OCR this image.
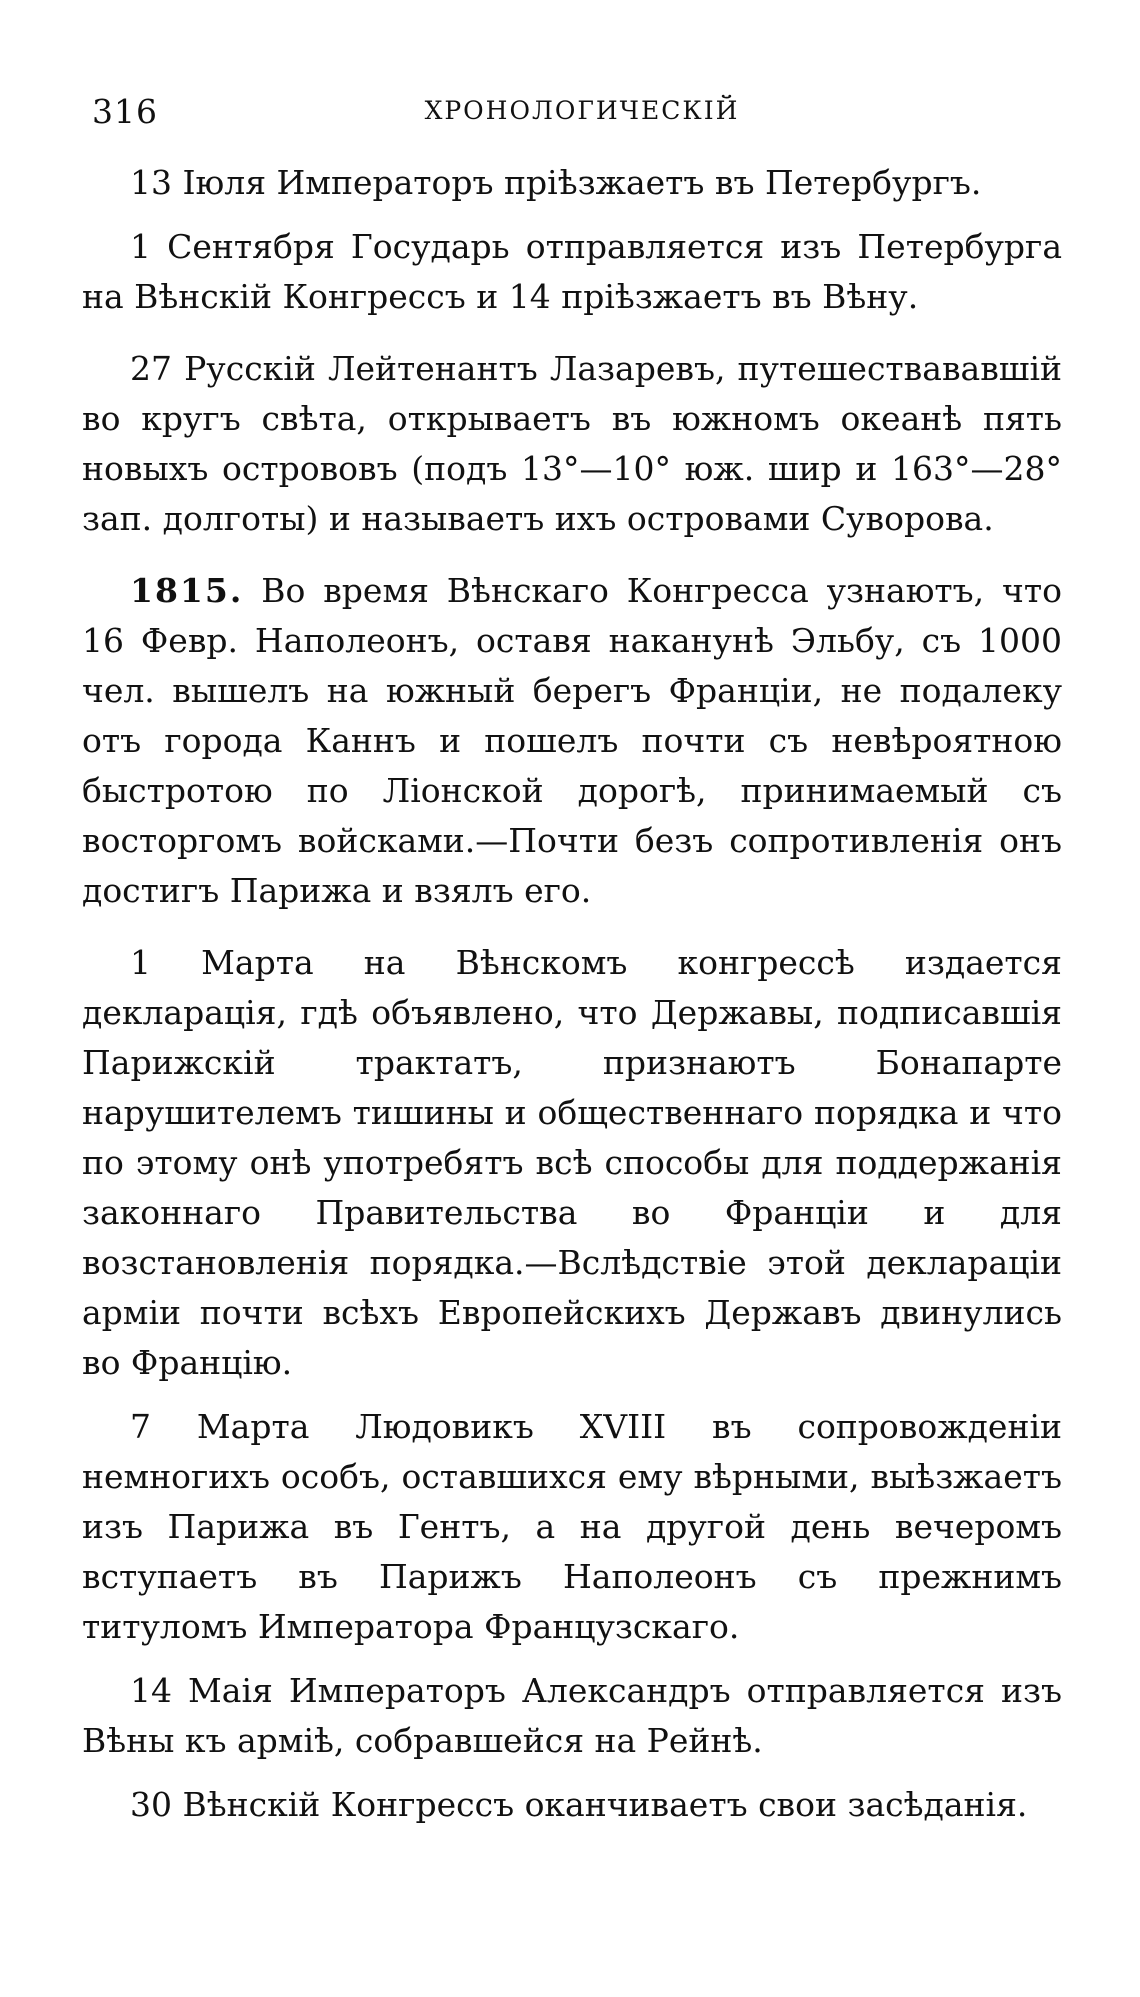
316	ХРОНОЛОГИЧЕСКІЙ

13 Іюля Императоръ пріѣзжаетъ въ Петербургъ.

1 Сентября Государь отправляется изъ Петербурга на Вѣнскій Конгрессъ и 14 пріѣзжаетъ въ Вѣну.

27 Русскій Лейтенантъ Лазаревъ, путешествававшій во кругъ свѣта, открываетъ въ южномъ океанѣ пять новыхъ острововъ (подъ 13°—10° юж. шир и 163°—28° зап. долготы) и называетъ ихъ островами Суворова.

1815. Во время Вѣнскаго Конгресса узнаютъ, что 16 Февр. Наполеонъ, оставя наканунѣ Эльбу, съ 1000 чел. вышелъ на южный берегъ Франціи, не подалеку отъ города Каннъ и пошелъ почти съ невѣроятною быстротою по Ліонской дорогѣ, принимаемый съ восторгомъ войсками.—Почти безъ сопротивленія онъ достигъ Парижа и взялъ его.

1 Марта на Вѣнскомъ конгрессѣ издается декларація, гдѣ объявлено, что Державы, подписавшія Парижскій трактатъ, признаютъ Бонапарте нарушителемъ тишины и общественнаго порядка и что по этому онѣ употребятъ всѣ способы для поддержанія законнаго Правительства во Франціи и для возстановленія порядка.—Вслѣдствіе этой деклараціи арміи почти всѣхъ Европейскихъ Державъ двинулись во Францію.

7 Марта Людовикъ XVIII въ сопровожденіи немногихъ особъ, оставшихся ему вѣрными, выѣзжаетъ изъ Парижа въ Гентъ, а на другой день вечеромъ вступаетъ въ Парижъ Наполеонъ съ прежнимъ титуломъ Императора Французскаго.

14 Маія Императоръ Александръ отправляется изъ Вѣны къ арміѣ, собравшейся на Рейнѣ.

30 Вѣнскій Конгрессъ оканчиваетъ свои засѣданія.
